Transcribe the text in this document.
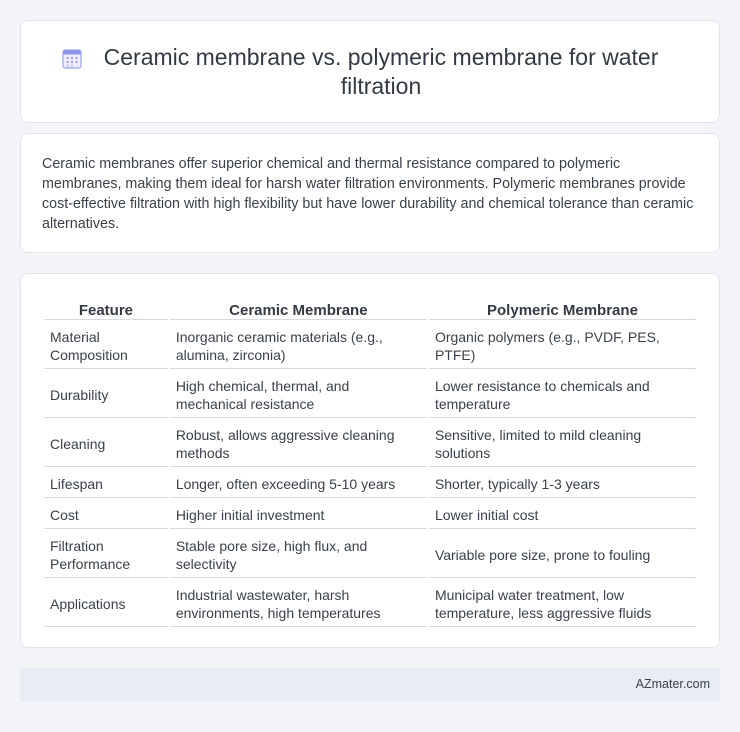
Ceramic membrane vs. polymeric membrane for water filtration

Ceramic membranes offer superior chemical and thermal resistance compared to polymeric membranes, making them ideal for harsh water filtration environments. Polymeric membranes provide cost-effective filtration with high flexibility but have lower durability and chemical tolerance than ceramic alternatives.

Feature	Ceramic Membrane	Polymeric Membrane
Material Composition	Inorganic ceramic materials (e.g., alumina, zirconia)	Organic polymers (e.g., PVDF, PES, PTFE)
Durability	High chemical, thermal, and mechanical resistance	Lower resistance to chemicals and temperature
Cleaning	Robust, allows aggressive cleaning methods	Sensitive, limited to mild cleaning solutions
Lifespan	Longer, often exceeding 5-10 years	Shorter, typically 1-3 years
Cost	Higher initial investment	Lower initial cost
Filtration Performance	Stable pore size, high flux, and selectivity	Variable pore size, prone to fouling
Applications	Industrial wastewater, harsh environments, high temperatures	Municipal water treatment, low temperature, less aggressive fluids
AZmater.com
